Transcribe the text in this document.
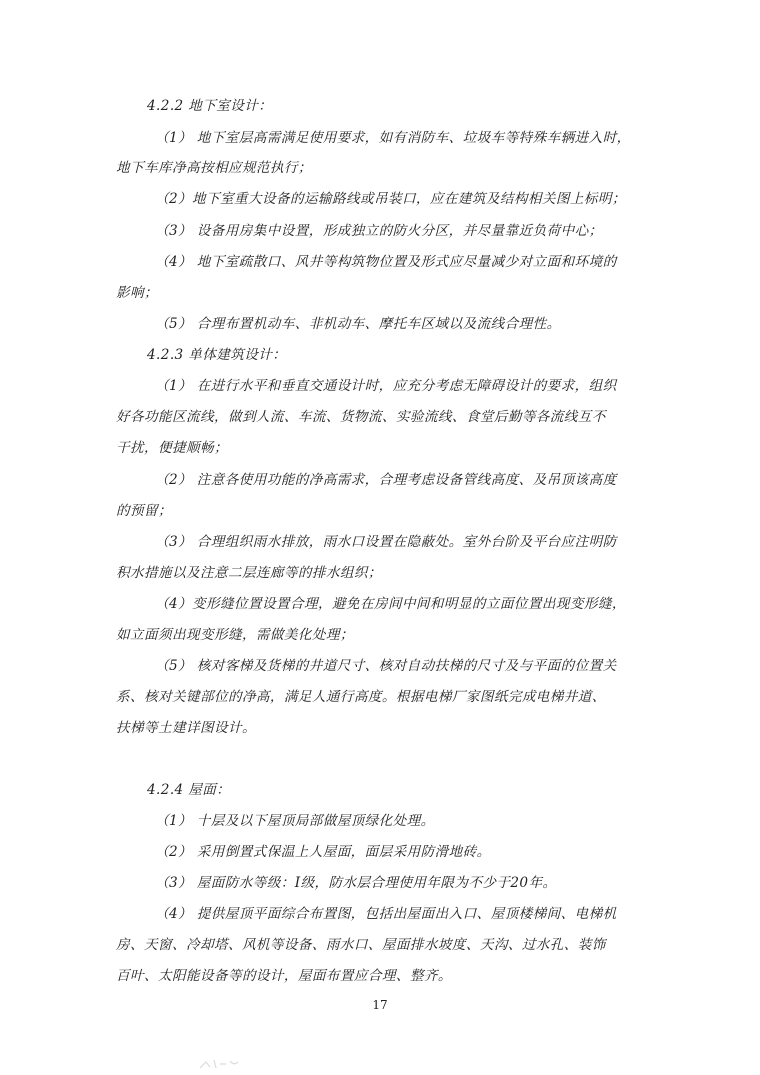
4.2.2 地下室设计：
（1） 地下室层高需满足使用要求，如有消防车、垃圾车等特殊车辆进入时，
地下车库净高按相应规范执行；
（2）地下室重大设备的运输路线或吊装口，应在建筑及结构相关图上标明；
（3） 设备用房集中设置，形成独立的防火分区，并尽量靠近负荷中心；
（4） 地下室疏散口、风井等构筑物位置及形式应尽量减少对立面和环境的
影响；
（5） 合理布置机动车、非机动车、摩托车区域以及流线合理性。
4.2.3 单体建筑设计：
（1） 在进行水平和垂直交通设计时，应充分考虑无障碍设计的要求，组织
好各功能区流线，做到人流、车流、货物流、实验流线、食堂后勤等各流线互不
干扰，便捷顺畅；
（2） 注意各使用功能的净高需求，合理考虑设备管线高度、及吊顶该高度
的预留；
（3） 合理组织雨水排放，雨水口设置在隐蔽处。室外台阶及平台应注明防
积水措施以及注意二层连廊等的排水组织；
（4）变形缝位置设置合理，避免在房间中间和明显的立面位置出现变形缝，
如立面须出现变形缝，需做美化处理；
（5） 核对客梯及货梯的井道尺寸、核对自动扶梯的尺寸及与平面的位置关
系、核对关键部位的净高，满足人通行高度。根据电梯厂家图纸完成电梯井道、
扶梯等土建详图设计。
4.2.4 屋面：
（1） 十层及以下屋顶局部做屋顶绿化处理。
（2） 采用倒置式保温上人屋面，面层采用防滑地砖。
（3） 屋面防水等级：Ⅰ级，防水层合理使用年限为不少于20年。
（4） 提供屋顶平面综合布置图，包括出屋面出入口、屋顶楼梯间、电梯机
房、天窗、冷却塔、风机等设备、雨水口、屋面排水坡度、天沟、过水孔、装饰
百叶、太阳能设备等的设计，屋面布置应合理、整齐。
17
